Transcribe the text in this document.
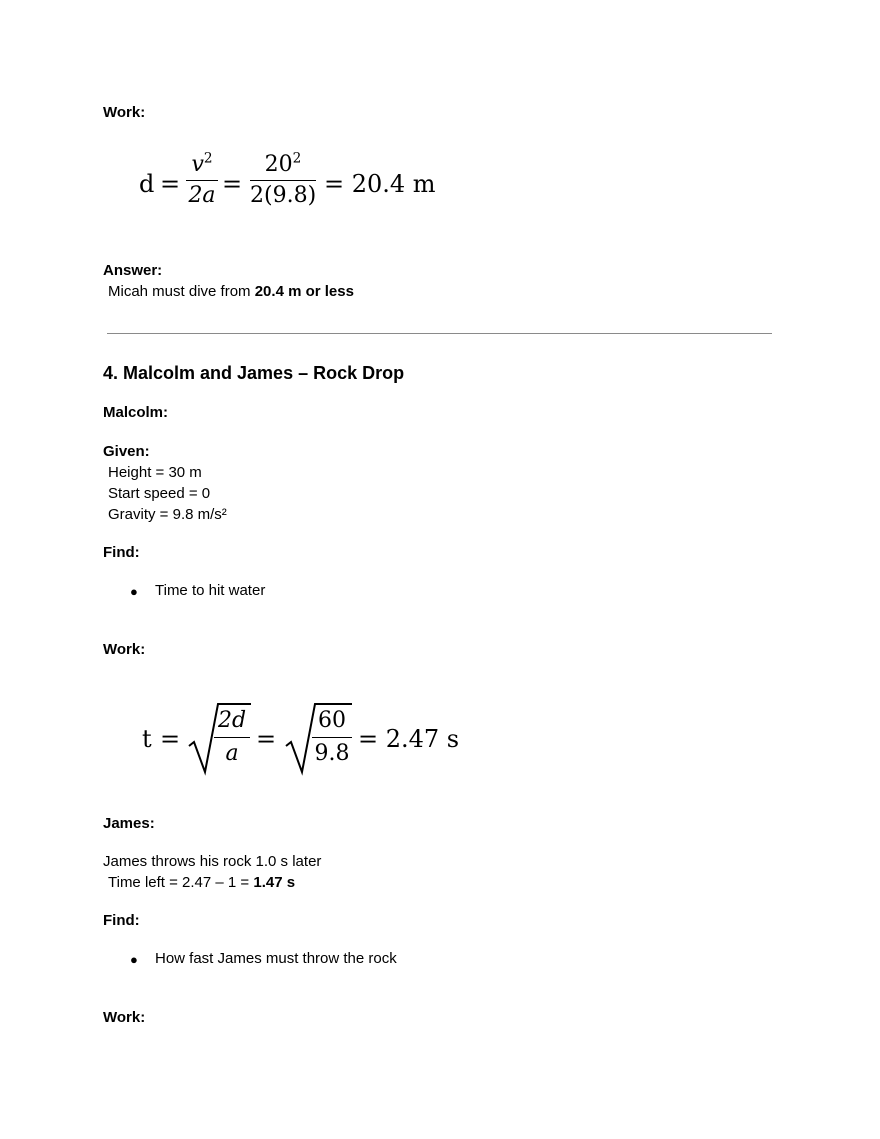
Work:
d =
$v^2$
2a =
$20^2$
2(9.8) = 20.4 m
Answer:
Micah must dive from 20.4 m or less
4. Malcolm and James – Rock Drop
Malcolm:
Given:
Height = 30 m
Start speed = 0
Gravity = 9.8 m/s²
Find:
● Time to hit water
Work:
t =
2d
a
=
60
9.8
= 2.47 s
James:
James throws his rock 1.0 s later
Time left = 2.47 – 1 = 1.47 s
Find:
● How fast James must throw the rock
Work:
